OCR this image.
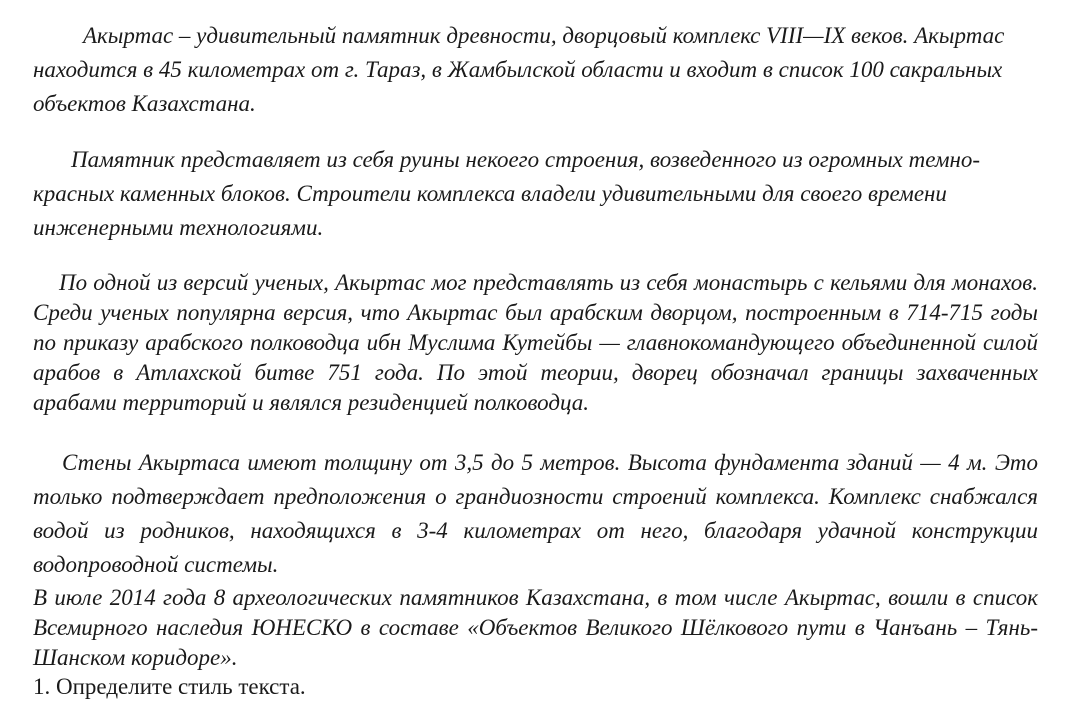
Акыртас – удивительный памятник древности, дворцовый комплекс VIII—IX веков. Акыртас находится в 45 километрах от г. Тараз, в Жамбылской области и входит в список 100 сакральных объектов Казахстана.

Памятник представляет из себя руины некоего строения, возведенного из огромных темно-красных каменных блоков. Строители комплекса владели удивительными для своего времени инженерными технологиями.

По одной из версий ученых, Акыртас мог представлять из себя монастырь с кельями для монахов. Среди ученых популярна версия, что Акыртас был арабским дворцом, построенным в 714-715 годы по приказу арабского полководца ибн Муслима Кутейбы — главнокомандующего объединенной силой арабов в Атлахской битве 751 года. По этой теории, дворец обозначал границы захваченных арабами территорий и являлся резиденцией полководца.

Стены Акыртаса имеют толщину от 3,5 до 5 метров. Высота фундамента зданий — 4 м. Это только подтверждает предположения о грандиозности строений комплекса. Комплекс снабжался водой из родников, находящихся в 3-4 километрах от него, благодаря удачной конструкции водопроводной системы.

В июле 2014 года 8 археологических памятников Казахстана, в том числе Акыртас, вошли в список Всемирного наследия ЮНЕСКО в составе «Объектов Великого Шёлкового пути в Чанъань – Тянь-Шанском коридоре».

1. Определите стиль текста.
